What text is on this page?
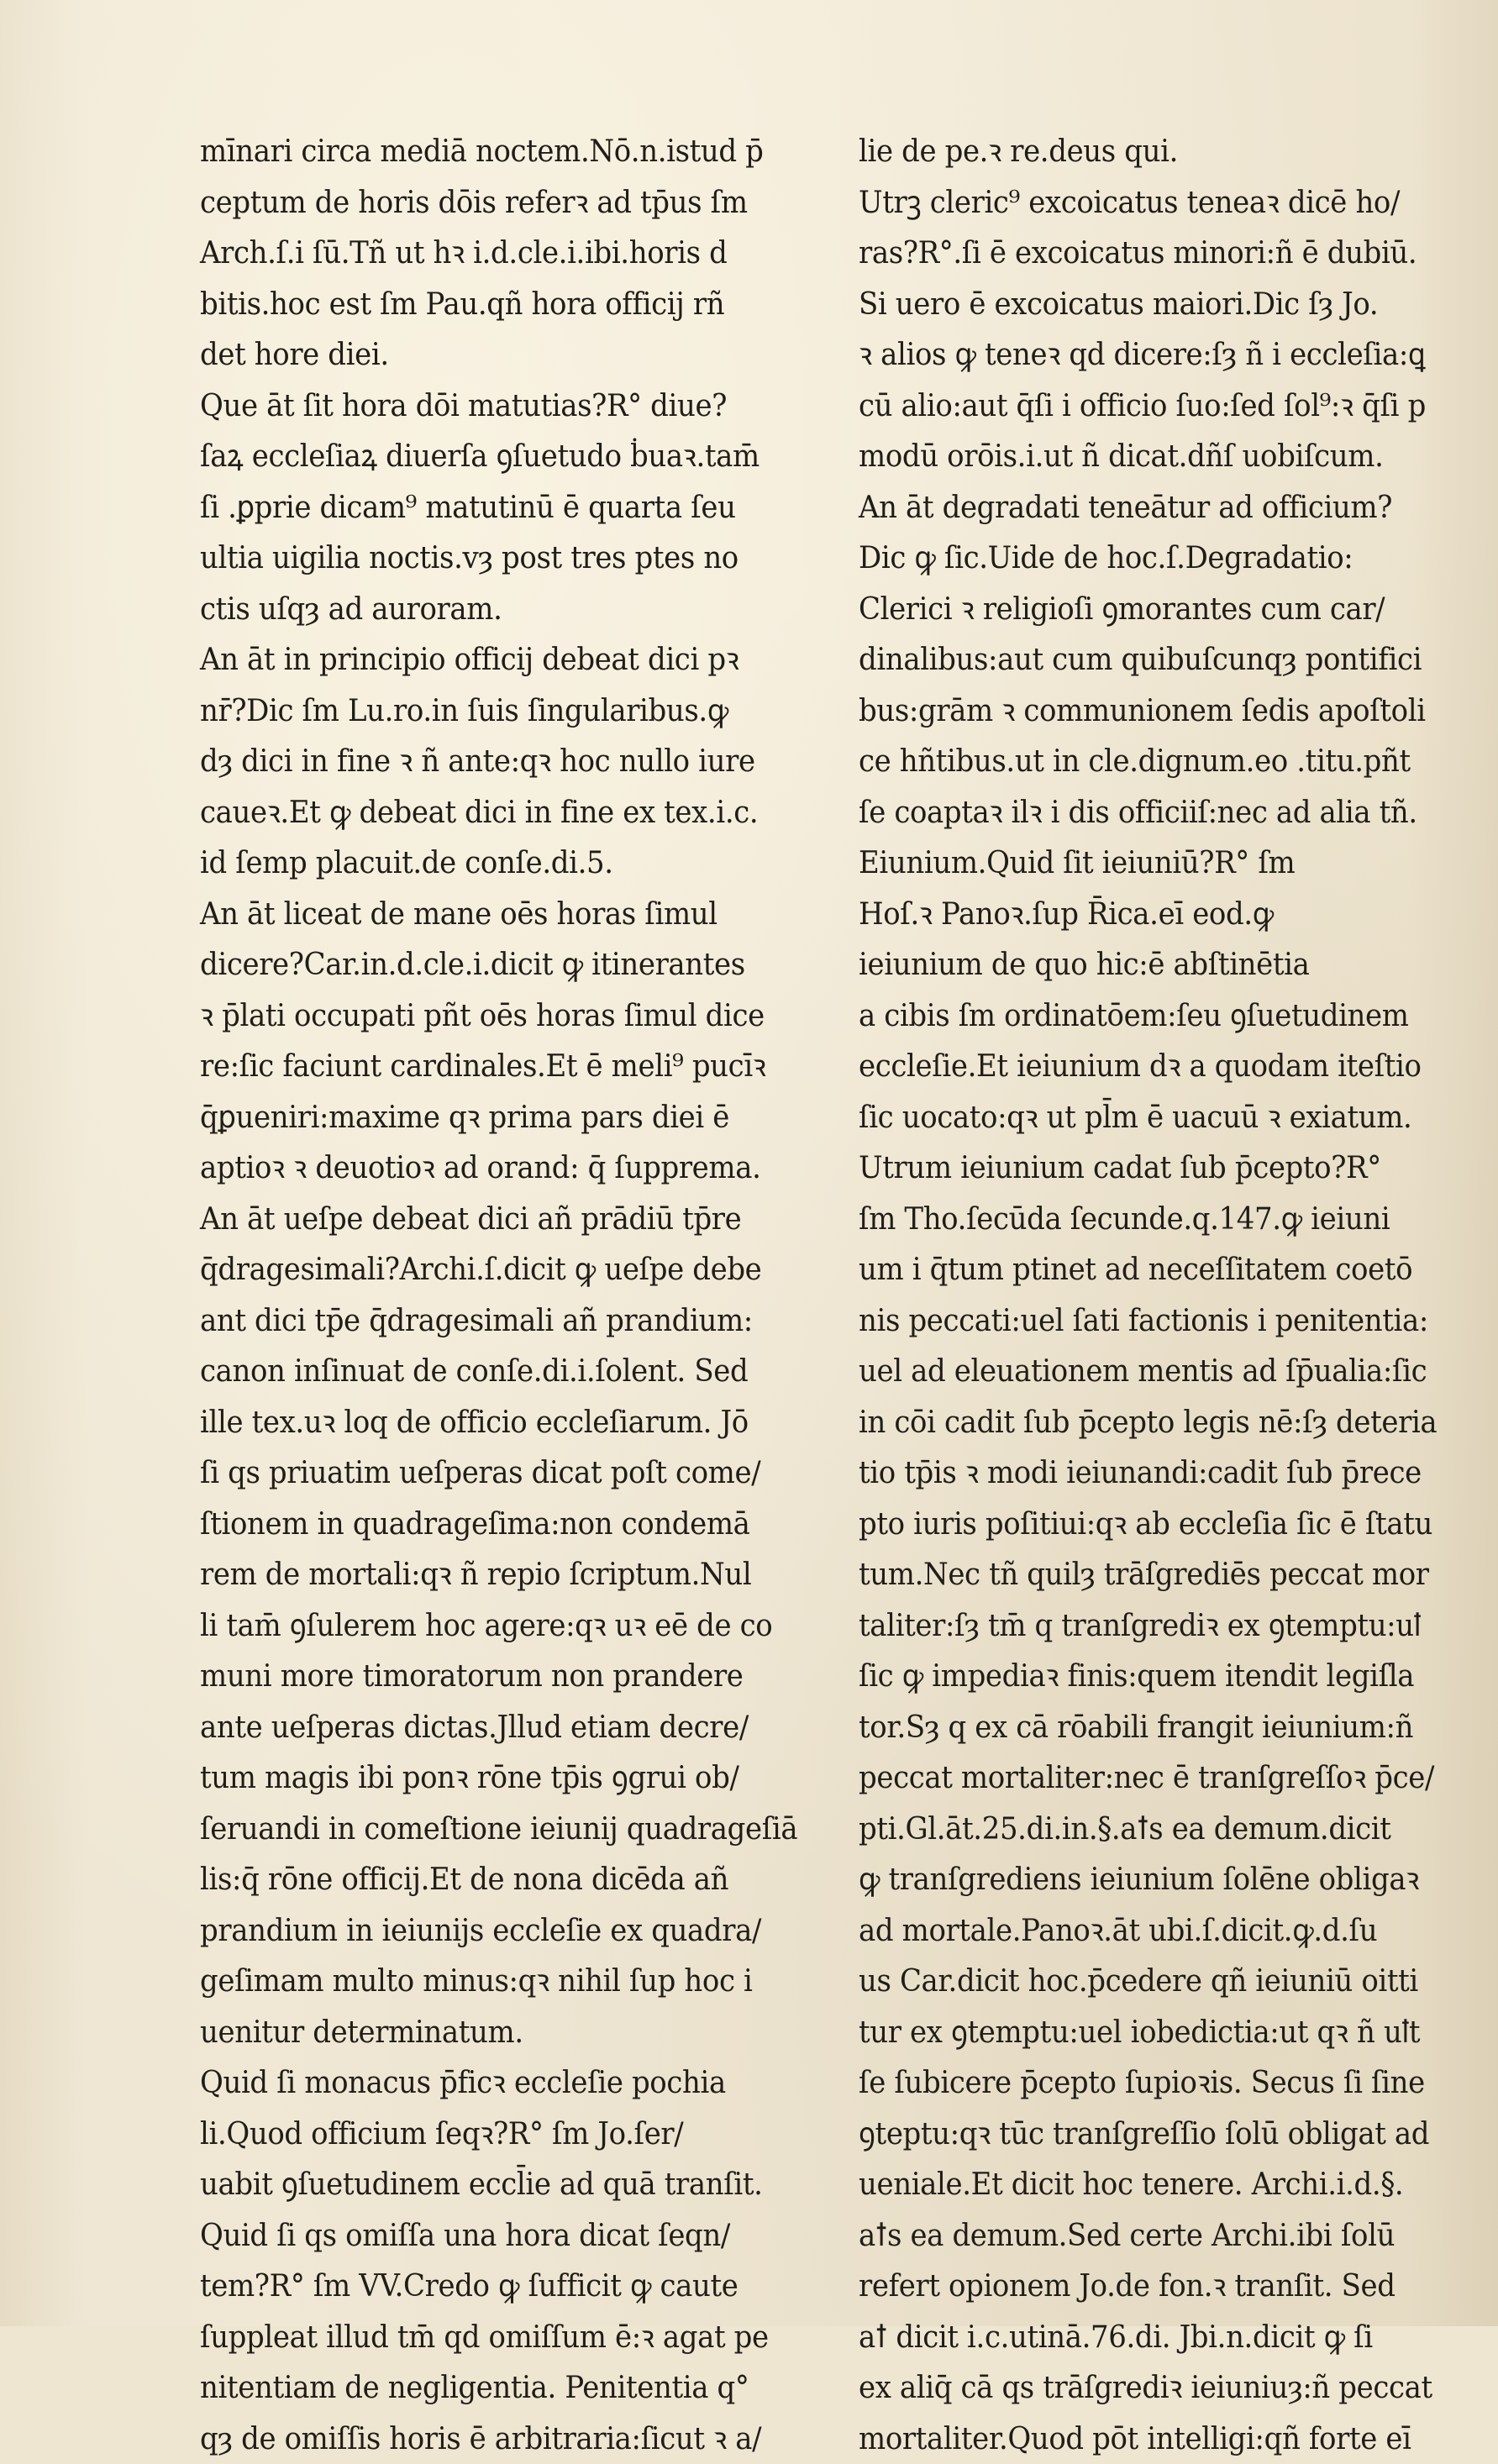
mīnari circa mediā noctem.Nō.n.istud p̄
ceptum de horis dōis referꝛ ad tp̄us ſm
Arch.ſ.i ſū.Tñ ut hꝛ i.d.cle.i.ibi.horis d
bitis.hoc est ſm Pau.qñ hora officij rñ
det hore diei.
Que āt ſit hora dōi matutias?R° diue?
ſaꝝ eccleſiaꝝ diuerſa ꝯſuetudo ḃuaꝛ.tam̄
ſi .ꝑprie dicam⁹ matutinū ē quarta ſeu
ultia uigilia noctis.vȝ post tres ptes no
ctis uſqȝ ad auroram.
An āt in principio officij debeat dici pꝛ
nr̄?Dic ſm Lu.ro.in ſuis ſingularibus.ꝙ
dȝ dici in fine ꝛ ñ ante:qꝛ hoc nullo iure
caueꝛ.Et ꝙ debeat dici in fine ex tex.i.c.
id ſemp placuit.de conſe.di.5.
An āt liceat de mane oēs horas ſimul
dicere?Car.in.d.cle.i.dicit ꝙ itinerantes
ꝛ p̄lati occupati pñt oēs horas ſimul dice
re:ſic faciunt cardinales.Et ē meli⁹ pucīꝛ
q̄ꝑueniri:maxime qꝛ prima pars diei ē
aptioꝛ ꝛ deuotioꝛ ad orand: q̄ ſupprema.
An āt ueſpe debeat dici añ prādiū tp̄re
q̄dragesimali?Archi.ſ.dicit ꝙ ueſpe debe
ant dici tp̄e q̄dragesimali añ prandium:
canon inſinuat de conſe.di.i.ſolent. Sed
ille tex.uꝛ loq de officio eccleſiarum. Jō
ſi qs priuatim ueſperas dicat poſt come/
ſtionem in quadrageſima:non condemā
rem de mortali:qꝛ ñ repio ſcriptum.Nul
li tam̄ ꝯſulerem hoc agere:qꝛ uꝛ eē de co
muni more timoratorum non prandere
ante ueſperas dictas.Jllud etiam decre/
tum magis ibi ponꝛ rōne tp̄is ꝯgrui ob/
ſeruandi in comeſtione ieiunij quadrageſiā
lis:q̄ rōne officij.Et de nona dicēda añ
prandium in ieiunijs eccleſie ex quadra/
geſimam multo minus:qꝛ nihil ſup hoc i
uenitur determinatum.
Quid ſi monacus p̄ficꝛ eccleſie pochia
li.Quod officium ſeqꝛ?R° ſm Jo.ſer/
uabit ꝯſuetudinem eccl̄ie ad quā tranſit.
Quid ſi qs omiſſa una hora dicat ſeqn/
tem?R° ſm VV.Credo ꝙ ſufficit ꝙ caute
ſuppleat illud tm̄ qd omiſſum ē:ꝛ agat pe
nitentiam de negligentia. Penitentia q°
qȝ de omiſſis horis ē arbitraria:ſicut ꝛ a/
lie de pe.ꝛ re.deus qui.
Utrꝫ cleric⁹ excoicatus teneaꝛ dicē ho/
ras?R°.ſi ē excoicatus minori:ñ ē dubiū.
Si uero ē excoicatus maiori.Dic ſȝ Jo.
ꝛ alios ꝙ teneꝛ qd dicere:ſȝ ñ i eccleſia:ꝗ
cū alio:aut q̄ſi i officio ſuo:ſed ſol⁹:ꝛ q̄ſi p
modū orōis.i.ut ñ dicat.dñſ uobiſcum.
An āt degradati teneātur ad officium?
Dic ꝙ ſic.Uide de hoc.ſ.Degradatio:
Clerici ꝛ religioſi ꝯmorantes cum car/
dinalibus:aut cum quibuſcunqȝ pontifici
bus:grām ꝛ communionem ſedis apoſtoli
ce hñtibus.ut in cle.dignum.eo .titu.pñt
ſe coaptaꝛ ilꝛ i dis officiiſ:nec ad alia tñ.
Eiunium.Quid ſit ieiuniū?R° ſm
Hoſ.ꝛ Panoꝛ.ſup R̄ica.eī eod.ꝙ
ieiunium de quo hic:ē abſtinētia
a cibis ſm ordinatōem:ſeu ꝯſuetudinem
eccleſie.Et ieiunium dꝛ a quodam iteſtio
ſic uocato:qꝛ ut pl̄m ē uacuū ꝛ exiatum.
Utrum ieiunium cadat ſub p̄cepto?R°
ſm Tho.ſecūda ſecunde.q.147.ꝙ ieiuni
um i q̄tum ptinet ad neceſſitatem coetō
nis peccati:uel ſati factionis i penitentia:
uel ad eleuationem mentis ad ſp̄ualia:ſic
in cōi cadit ſub p̄cepto legis nē:ſȝ deteria
tio tp̄is ꝛ modi ieiunandi:cadit ſub p̄rece
pto iuris poſitiui:qꝛ ab eccleſia ſic ē ſtatu
tum.Nec tñ quilȝ trāſgrediēs peccat mor
taliter:ſȝ tm̄ q tranſgrediꝛ ex ꝯtemptu:uꝉ
ſic ꝙ impediaꝛ finis:quem itendit legiſla
tor.Sȝ q ex cā rōabili frangit ieiunium:ñ
peccat mortaliter:nec ē tranſgreſſoꝛ p̄ce/
pti.Gl.āt.25.di.in.§.aꝉs ea demum.dicit
ꝙ tranſgrediens ieiunium ſolēne obligaꝛ
ad mortale.Panoꝛ.āt ubi.ſ.dicit.ꝙ.d.ſu
us Car.dicit hoc.p̄cedere qñ ieiuniū oitti
tur ex ꝯtemptu:uel iobedictia:ut qꝛ ñ uꝉt
ſe ſubicere p̄cepto ſupioꝛis. Secus ſi ſine
ꝯteptu:qꝛ tūc tranſgreſſio ſolū obligat ad
ueniale.Et dicit hoc tenere. Archi.i.d.§.
aꝉs ea demum.Sed certe Archi.ibi ſolū
refert opionem Jo.de fon.ꝛ tranſit. Sed
aꝉ dicit i.c.utinā.76.di. Jbi.n.dicit ꝙ ſi
ex aliq̄ cā qs trāſgrediꝛ ieiuniuȝ:ñ peccat
mortaliter.Quod pōt intelligi:qñ forte eī
